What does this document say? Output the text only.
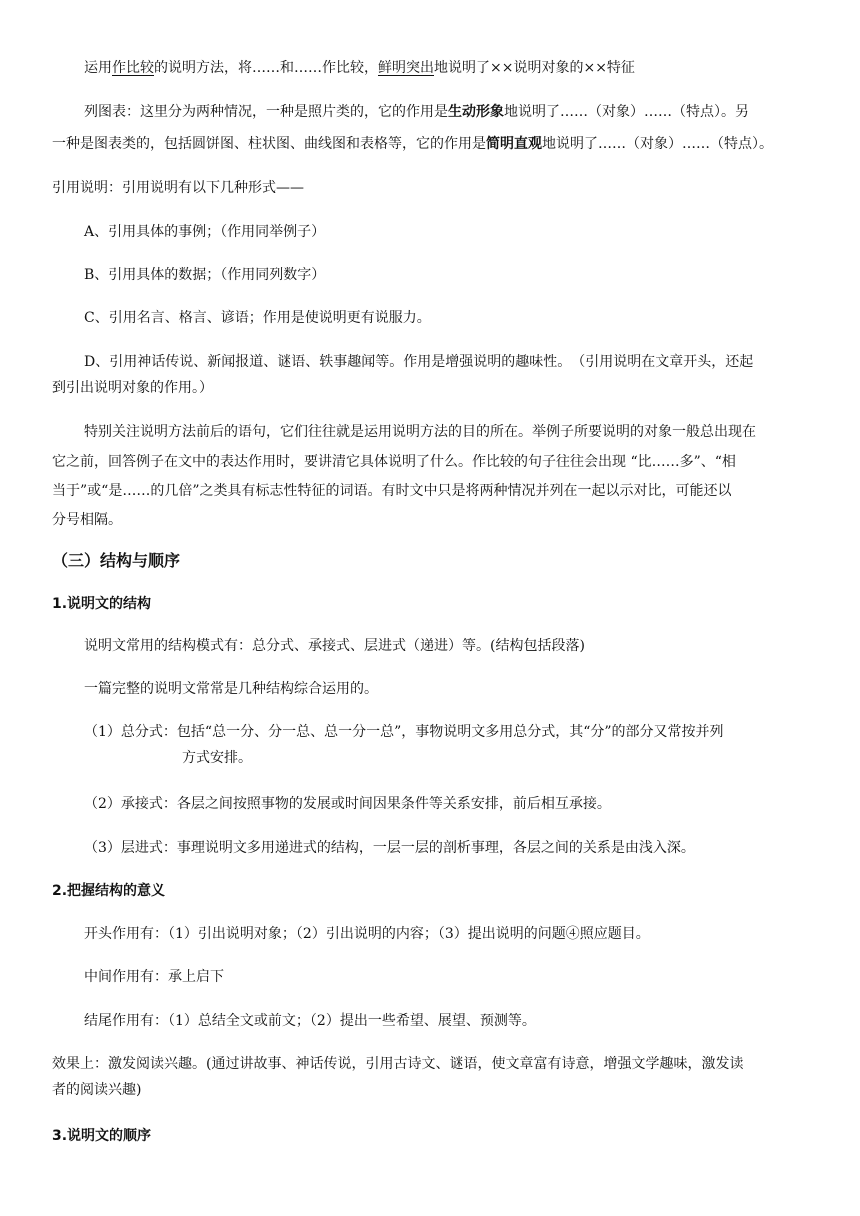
运用作比较的说明方法，将……和……作比较，鲜明突出地说明了××说明对象的××特征
列图表：这里分为两种情况，一种是照片类的，它的作用是生动形象地说明了……（对象）……（特点）。另
一种是图表类的，包括圆饼图、柱状图、曲线图和表格等，它的作用是简明直观地说明了……（对象）……（特点）。
引用说明：引用说明有以下几种形式——
A、引用具体的事例；（作用同举例子）
B、引用具体的数据；（作用同列数字）
C、引用名言、格言、谚语；作用是使说明更有说服力。
D、引用神话传说、新闻报道、谜语、轶事趣闻等。作用是增强说明的趣味性。　（引用说明在文章开头，还起
到引出说明对象的作用。）
特别关注说明方法前后的语句，它们往往就是运用说明方法的目的所在。举例子所要说明的对象一般总出现在
它之前，回答例子在文中的表达作用时，要讲清它具体说明了什么。作比较的句子往往会出现 “比……多”、“相
当于”或“是……的几倍”之类具有标志性特征的词语。有时文中只是将两种情况并列在一起以示对比，可能还以
分号相隔。
（三）结构与顺序
1.说明文的结构
说明文常用的结构模式有：总分式、承接式、层进式（递进）等。(结构包括段落)
一篇完整的说明文常常是几种结构综合运用的。
（1）总分式：包括“总一分、分一总、总一分一总”，事物说明文多用总分式，其“分”的部分又常按并列
方式安排。
（2）承接式：各层之间按照事物的发展或时间因果条件等关系安排，前后相互承接。
（3）层进式：事理说明文多用递进式的结构，一层一层的剖析事理，各层之间的关系是由浅入深。
2.把握结构的意义
开头作用有：（1）引出说明对象；（2）引出说明的内容；（3）提出说明的问题④照应题目。
中间作用有：承上启下
结尾作用有：（1）总结全文或前文；（2）提出一些希望、展望、预测等。
效果上：激发阅读兴趣。(通过讲故事、神话传说，引用古诗文、谜语，使文章富有诗意，增强文学趣味，激发读
者的阅读兴趣)
3.说明文的顺序
